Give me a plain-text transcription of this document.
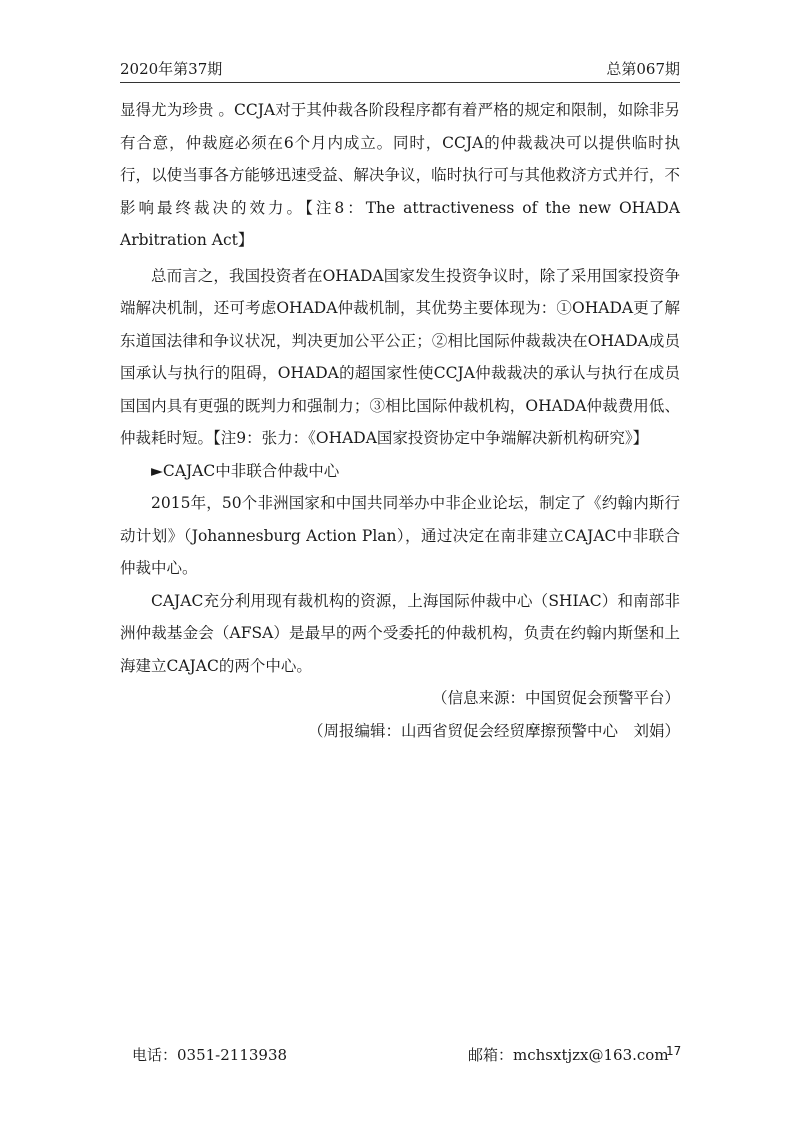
2020年第37期	总第067期

显得尤为珍贵 。CCJA对于其仲裁各阶段程序都有着严格的规定和限制，如除非另有合意，仲裁庭必须在6个月内成立。同时，CCJA的仲裁裁决可以提供临时执行，以使当事各方能够迅速受益、解决争议，临时执行可与其他救济方式并行，不影响最终裁决的效力。【注8：The attractiveness of the new OHADA Arbitration Act】

总而言之，我国投资者在OHADA国家发生投资争议时，除了采用国家投资争端解决机制，还可考虑OHADA仲裁机制，其优势主要体现为：①OHADA更了解东道国法律和争议状况，判决更加公平公正；②相比国际仲裁裁决在OHADA成员国承认与执行的阻碍，OHADA的超国家性使CCJA仲裁裁决的承认与执行在成员国国内具有更强的既判力和强制力；③相比国际仲裁机构，OHADA仲裁费用低、仲裁耗时短。【注9：张力：《OHADA国家投资协定中争端解决新机构研究》】

►CAJAC中非联合仲裁中心

2015年，50个非洲国家和中国共同举办中非企业论坛，制定了《约翰内斯行动计划》（Johannesburg Action Plan），通过决定在南非建立CAJAC中非联合仲裁中心。

CAJAC充分利用现有裁机构的资源，上海国际仲裁中心（SHIAC）和南部非洲仲裁基金会（AFSA）是最早的两个受委托的仲裁机构，负责在约翰内斯堡和上海建立CAJAC的两个中心。

（信息来源：中国贸促会预警平台）

（周报编辑：山西省贸促会经贸摩擦预警中心　刘娟）

电话：0351-2113938	邮箱：mchsxtjzx@163.com
17
